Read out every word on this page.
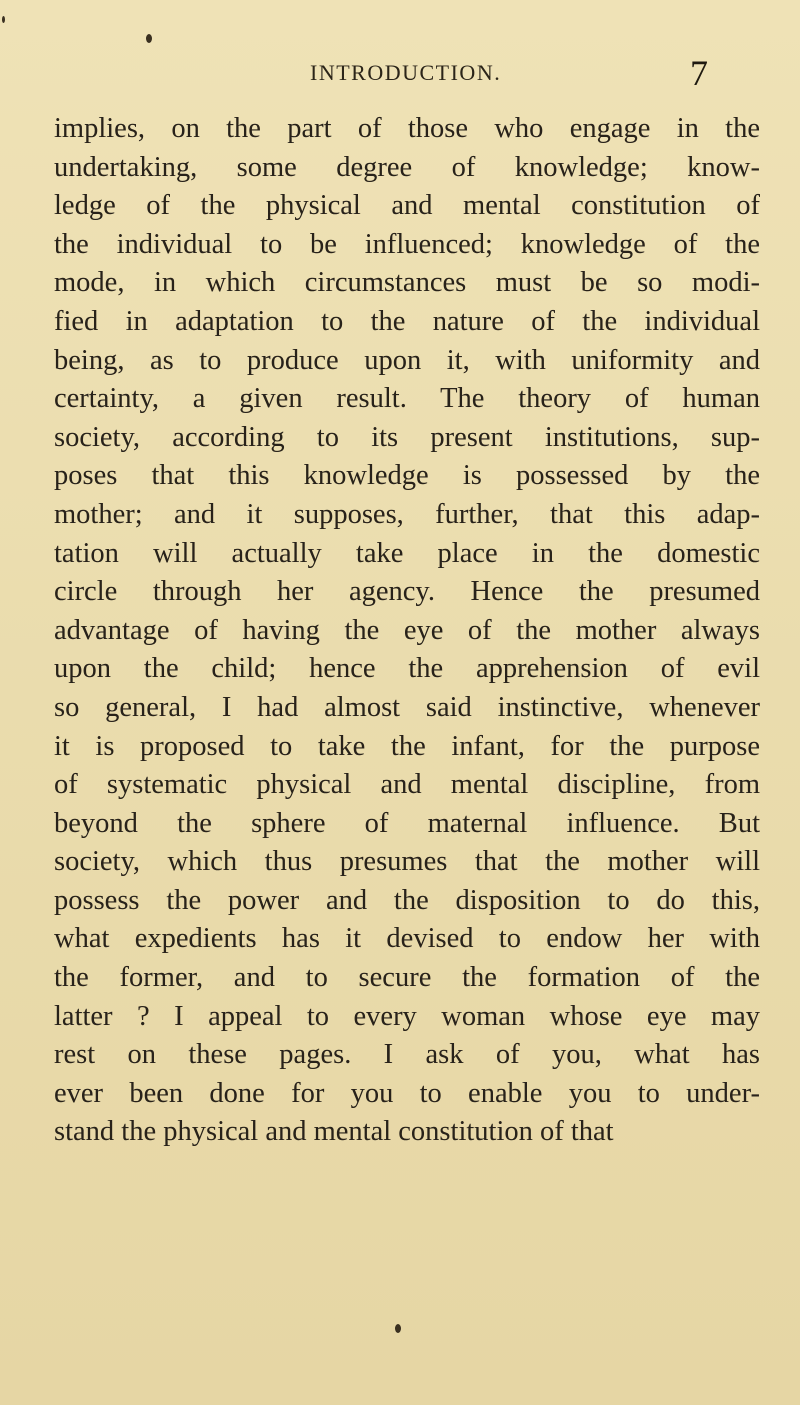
INTRODUCTION.	7
implies, on the part of those who engage in the
undertaking, some degree of knowledge; know-
ledge of the physical and mental constitution of
the individual to be influenced; knowledge of the
mode, in which circumstances must be so modi-
fied in adaptation to the nature of the individual
being, as to produce upon it, with uniformity and
certainty, a given result. The theory of human
society, according to its present institutions, sup-
poses that this knowledge is possessed by the
mother; and it supposes, further, that this adap-
tation will actually take place in the domestic
circle through her agency. Hence the presumed
advantage of having the eye of the mother always
upon the child; hence the apprehension of evil
so general, I had almost said instinctive, whenever
it is proposed to take the infant, for the purpose
of systematic physical and mental discipline, from
beyond the sphere of maternal influence. But
society, which thus presumes that the mother will
possess the power and the disposition to do this,
what expedients has it devised to endow her with
the former, and to secure the formation of the
latter ? I appeal to every woman whose eye may
rest on these pages. I ask of you, what has
ever been done for you to enable you to under-
stand the physical and mental constitution of that
